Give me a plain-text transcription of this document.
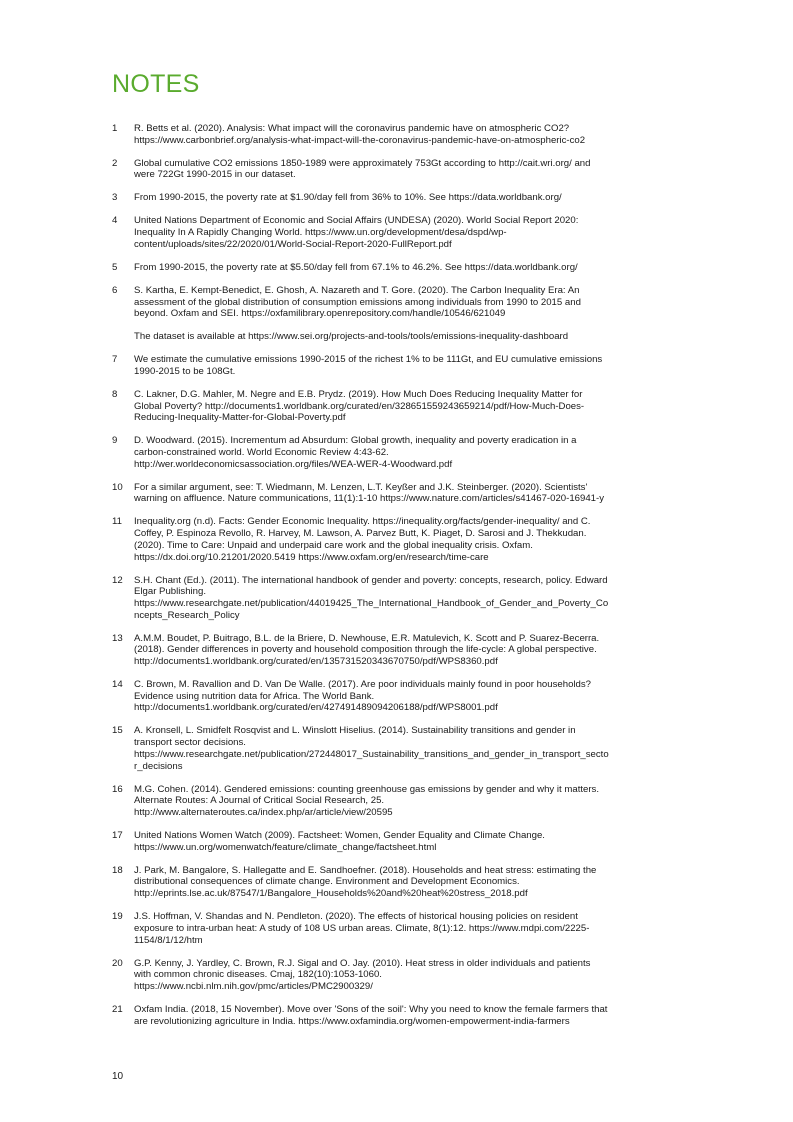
NOTES
1	R. Betts et al. (2020). Analysis: What impact will the coronavirus pandemic have on atmospheric CO2?
https://www.carbonbrief.org/analysis-what-impact-will-the-coronavirus-pandemic-have-on-atmospheric-co2
2	Global cumulative CO2 emissions 1850-1989 were approximately 753Gt according to http://cait.wri.org/ and
were 722Gt 1990-2015 in our dataset.
3	From 1990-2015, the poverty rate at $1.90/day fell from 36% to 10%. See https://data.worldbank.org/
4	United Nations Department of Economic and Social Affairs (UNDESA) (2020). World Social Report 2020:
Inequality In A Rapidly Changing World. https://www.un.org/development/desa/dspd/wp-
content/uploads/sites/22/2020/01/World-Social-Report-2020-FullReport.pdf
5	From 1990-2015, the poverty rate at $5.50/day fell from 67.1% to 46.2%. See https://data.worldbank.org/
6	S. Kartha, E. Kempt-Benedict, E. Ghosh, A. Nazareth and T. Gore. (2020). The Carbon Inequality Era: An
assessment of the global distribution of consumption emissions among individuals from 1990 to 2015 and
beyond. Oxfam and SEI. https://oxfamilibrary.openrepository.com/handle/10546/621049
The dataset is available at https://www.sei.org/projects-and-tools/tools/emissions-inequality-dashboard
7	We estimate the cumulative emissions 1990-2015 of the richest 1% to be 111Gt, and EU cumulative emissions
1990-2015 to be 108Gt.
8	C. Lakner, D.G. Mahler, M. Negre and E.B. Prydz. (2019). How Much Does Reducing Inequality Matter for
Global Poverty? http://documents1.worldbank.org/curated/en/328651559243659214/pdf/How-Much-Does-
Reducing-Inequality-Matter-for-Global-Poverty.pdf
9	D. Woodward. (2015). Incrementum ad Absurdum: Global growth, inequality and poverty eradication in a
carbon-constrained world. World Economic Review 4:43-62.
http://wer.worldeconomicsassociation.org/files/WEA-WER-4-Woodward.pdf
10	For a similar argument, see: T. Wiedmann, M. Lenzen, L.T. Keyßer and J.K. Steinberger. (2020). Scientists'
warning on affluence. Nature communications, 11(1):1-10 https://www.nature.com/articles/s41467-020-16941-y
11	Inequality.org (n.d). Facts: Gender Economic Inequality. https://inequality.org/facts/gender-inequality/ and C.
Coffey, P. Espinoza Revollo, R. Harvey, M. Lawson, A. Parvez Butt, K. Piaget, D. Sarosi and J. Thekkudan.
(2020). Time to Care: Unpaid and underpaid care work and the global inequality crisis. Oxfam.
https://dx.doi.org/10.21201/2020.5419 https://www.oxfam.org/en/research/time-care
12	S.H. Chant (Ed.). (2011). The international handbook of gender and poverty: concepts, research, policy. Edward
Elgar Publishing.
https://www.researchgate.net/publication/44019425_The_International_Handbook_of_Gender_and_Poverty_Co
ncepts_Research_Policy
13	A.M.M. Boudet, P. Buitrago, B.L. de la Briere, D. Newhouse, E.R. Matulevich, K. Scott and P. Suarez-Becerra.
(2018). Gender differences in poverty and household composition through the life-cycle: A global perspective.
http://documents1.worldbank.org/curated/en/135731520343670750/pdf/WPS8360.pdf
14	C. Brown, M. Ravallion and D. Van De Walle. (2017). Are poor individuals mainly found in poor households?
Evidence using nutrition data for Africa. The World Bank.
http://documents1.worldbank.org/curated/en/427491489094206188/pdf/WPS8001.pdf
15	A. Kronsell, L. Smidfelt Rosqvist and L. Winslott Hiselius. (2014). Sustainability transitions and gender in
transport sector decisions.
https://www.researchgate.net/publication/272448017_Sustainability_transitions_and_gender_in_transport_secto
r_decisions
16	M.G. Cohen. (2014). Gendered emissions: counting greenhouse gas emissions by gender and why it matters.
Alternate Routes: A Journal of Critical Social Research, 25.
http://www.alternateroutes.ca/index.php/ar/article/view/20595
17	United Nations Women Watch (2009). Factsheet: Women, Gender Equality and Climate Change.
https://www.un.org/womenwatch/feature/climate_change/factsheet.html
18	J. Park, M. Bangalore, S. Hallegatte and E. Sandhoefner. (2018). Households and heat stress: estimating the
distributional consequences of climate change. Environment and Development Economics.
http://eprints.lse.ac.uk/87547/1/Bangalore_Households%20and%20heat%20stress_2018.pdf
19	J.S. Hoffman, V. Shandas and N. Pendleton. (2020). The effects of historical housing policies on resident
exposure to intra-urban heat: A study of 108 US urban areas. Climate, 8(1):12. https://www.mdpi.com/2225-
1154/8/1/12/htm
20	G.P. Kenny, J. Yardley, C. Brown, R.J. Sigal and O. Jay. (2010). Heat stress in older individuals and patients
with common chronic diseases. Cmaj, 182(10):1053-1060.
https://www.ncbi.nlm.nih.gov/pmc/articles/PMC2900329/
21	Oxfam India. (2018, 15 November). Move over 'Sons of the soil': Why you need to know the female farmers that
are revolutionizing agriculture in India. https://www.oxfamindia.org/women-empowerment-india-farmers
10
